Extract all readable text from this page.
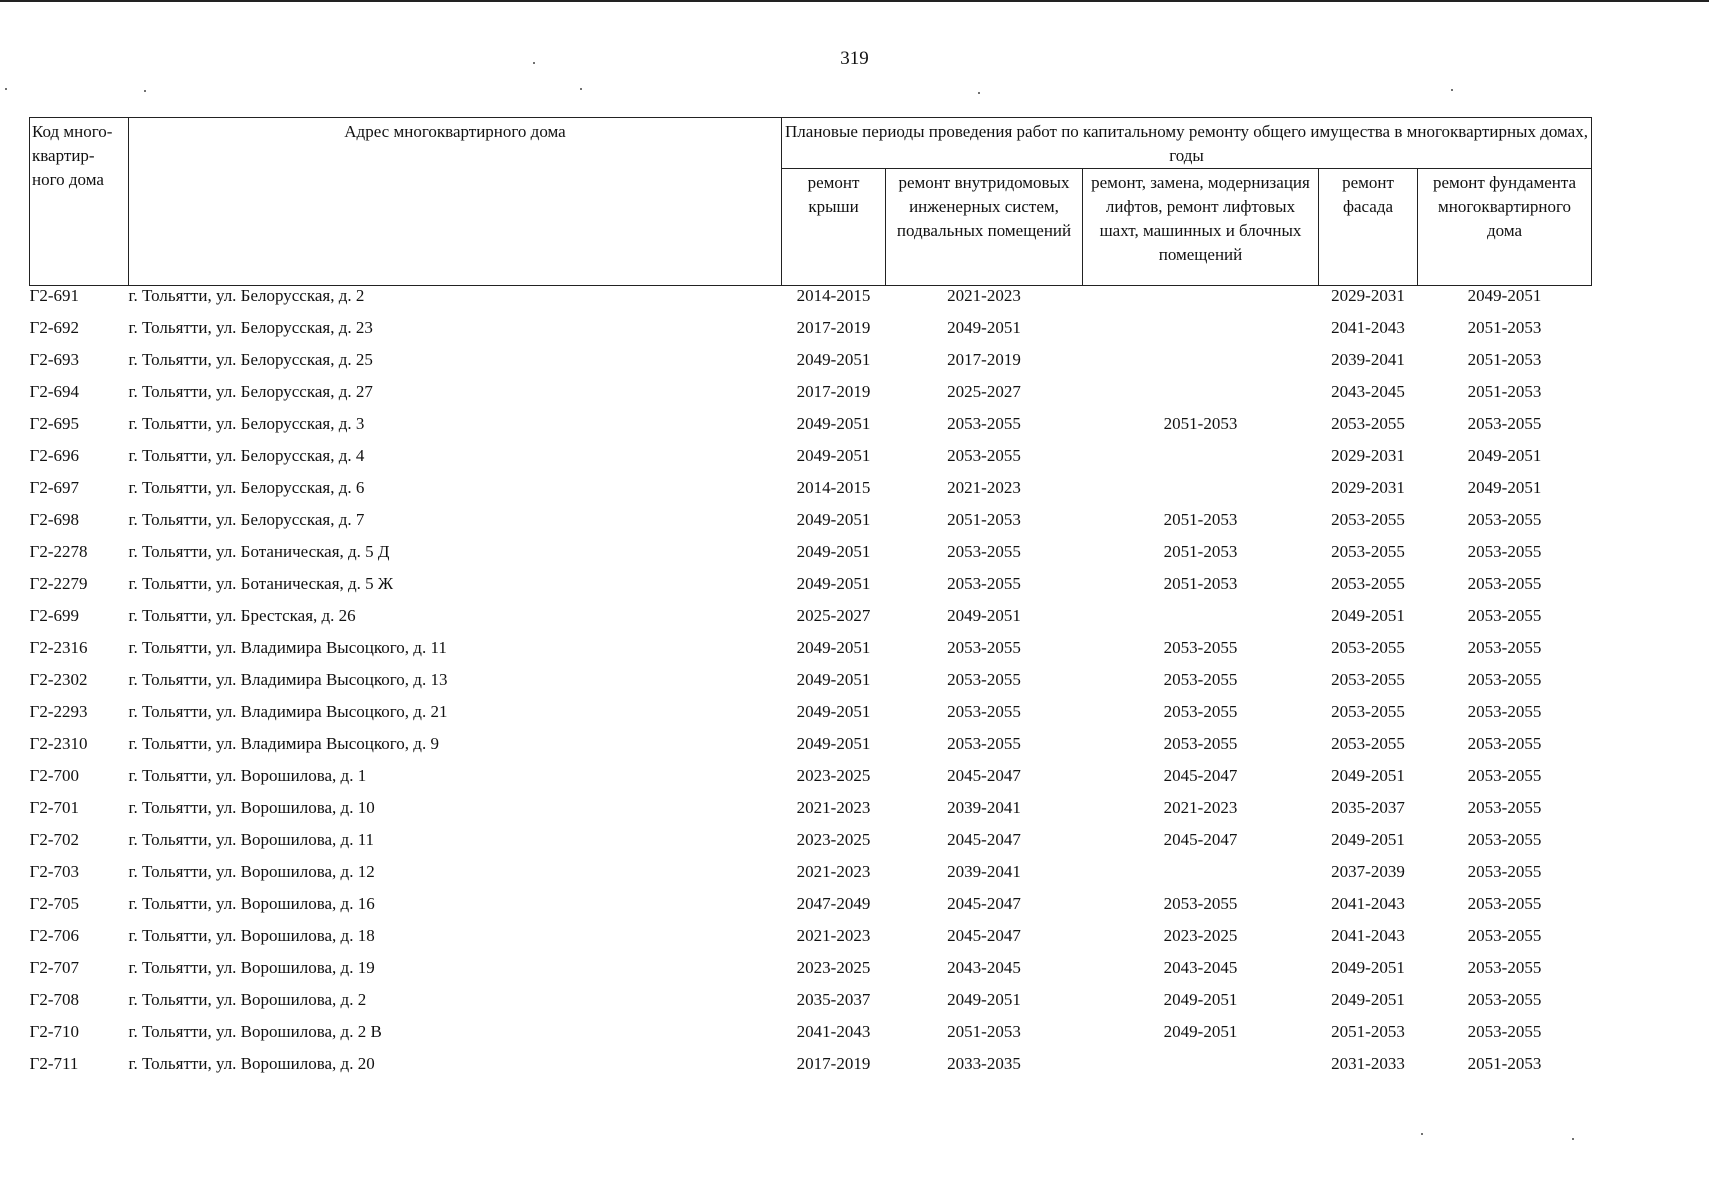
319
Код много-квартир-ного дома	Адрес многоквартирного дома	Плановые периоды проведения работ по капитальному ремонту общего имущества в многоквартирных домах, годы				
		ремонт крыши	ремонт внутридомовых инженерных систем, подвальных помещений	ремонт, замена, модернизация лифтов, ремонт лифтовых шахт, машинных и блочных помещений	ремонт фасада	ремонт фундамента многоквартирного дома
Г2-691	г. Тольятти, ул. Белорусская, д. 2	2014-2015	2021-2023		2029-2031	2049-2051
Г2-692	г. Тольятти, ул. Белорусская, д. 23	2017-2019	2049-2051		2041-2043	2051-2053
Г2-693	г. Тольятти, ул. Белорусская, д. 25	2049-2051	2017-2019		2039-2041	2051-2053
Г2-694	г. Тольятти, ул. Белорусская, д. 27	2017-2019	2025-2027		2043-2045	2051-2053
Г2-695	г. Тольятти, ул. Белорусская, д. 3	2049-2051	2053-2055	2051-2053	2053-2055	2053-2055
Г2-696	г. Тольятти, ул. Белорусская, д. 4	2049-2051	2053-2055		2029-2031	2049-2051
Г2-697	г. Тольятти, ул. Белорусская, д. 6	2014-2015	2021-2023		2029-2031	2049-2051
Г2-698	г. Тольятти, ул. Белорусская, д. 7	2049-2051	2051-2053	2051-2053	2053-2055	2053-2055
Г2-2278	г. Тольятти, ул. Ботаническая, д. 5 Д	2049-2051	2053-2055	2051-2053	2053-2055	2053-2055
Г2-2279	г. Тольятти, ул. Ботаническая, д. 5 Ж	2049-2051	2053-2055	2051-2053	2053-2055	2053-2055
Г2-699	г. Тольятти, ул. Брестская, д. 26	2025-2027	2049-2051		2049-2051	2053-2055
Г2-2316	г. Тольятти, ул. Владимира Высоцкого, д. 11	2049-2051	2053-2055	2053-2055	2053-2055	2053-2055
Г2-2302	г. Тольятти, ул. Владимира Высоцкого, д. 13	2049-2051	2053-2055	2053-2055	2053-2055	2053-2055
Г2-2293	г. Тольятти, ул. Владимира Высоцкого, д. 21	2049-2051	2053-2055	2053-2055	2053-2055	2053-2055
Г2-2310	г. Тольятти, ул. Владимира Высоцкого, д. 9	2049-2051	2053-2055	2053-2055	2053-2055	2053-2055
Г2-700	г. Тольятти, ул. Ворошилова, д. 1	2023-2025	2045-2047	2045-2047	2049-2051	2053-2055
Г2-701	г. Тольятти, ул. Ворошилова, д. 10	2021-2023	2039-2041	2021-2023	2035-2037	2053-2055
Г2-702	г. Тольятти, ул. Ворошилова, д. 11	2023-2025	2045-2047	2045-2047	2049-2051	2053-2055
Г2-703	г. Тольятти, ул. Ворошилова, д. 12	2021-2023	2039-2041		2037-2039	2053-2055
Г2-705	г. Тольятти, ул. Ворошилова, д. 16	2047-2049	2045-2047	2053-2055	2041-2043	2053-2055
Г2-706	г. Тольятти, ул. Ворошилова, д. 18	2021-2023	2045-2047	2023-2025	2041-2043	2053-2055
Г2-707	г. Тольятти, ул. Ворошилова, д. 19	2023-2025	2043-2045	2043-2045	2049-2051	2053-2055
Г2-708	г. Тольятти, ул. Ворошилова, д. 2	2035-2037	2049-2051	2049-2051	2049-2051	2053-2055
Г2-710	г. Тольятти, ул. Ворошилова, д. 2 В	2041-2043	2051-2053	2049-2051	2051-2053	2053-2055
Г2-711	г. Тольятти, ул. Ворошилова, д. 20	2017-2019	2033-2035		2031-2033	2051-2053
